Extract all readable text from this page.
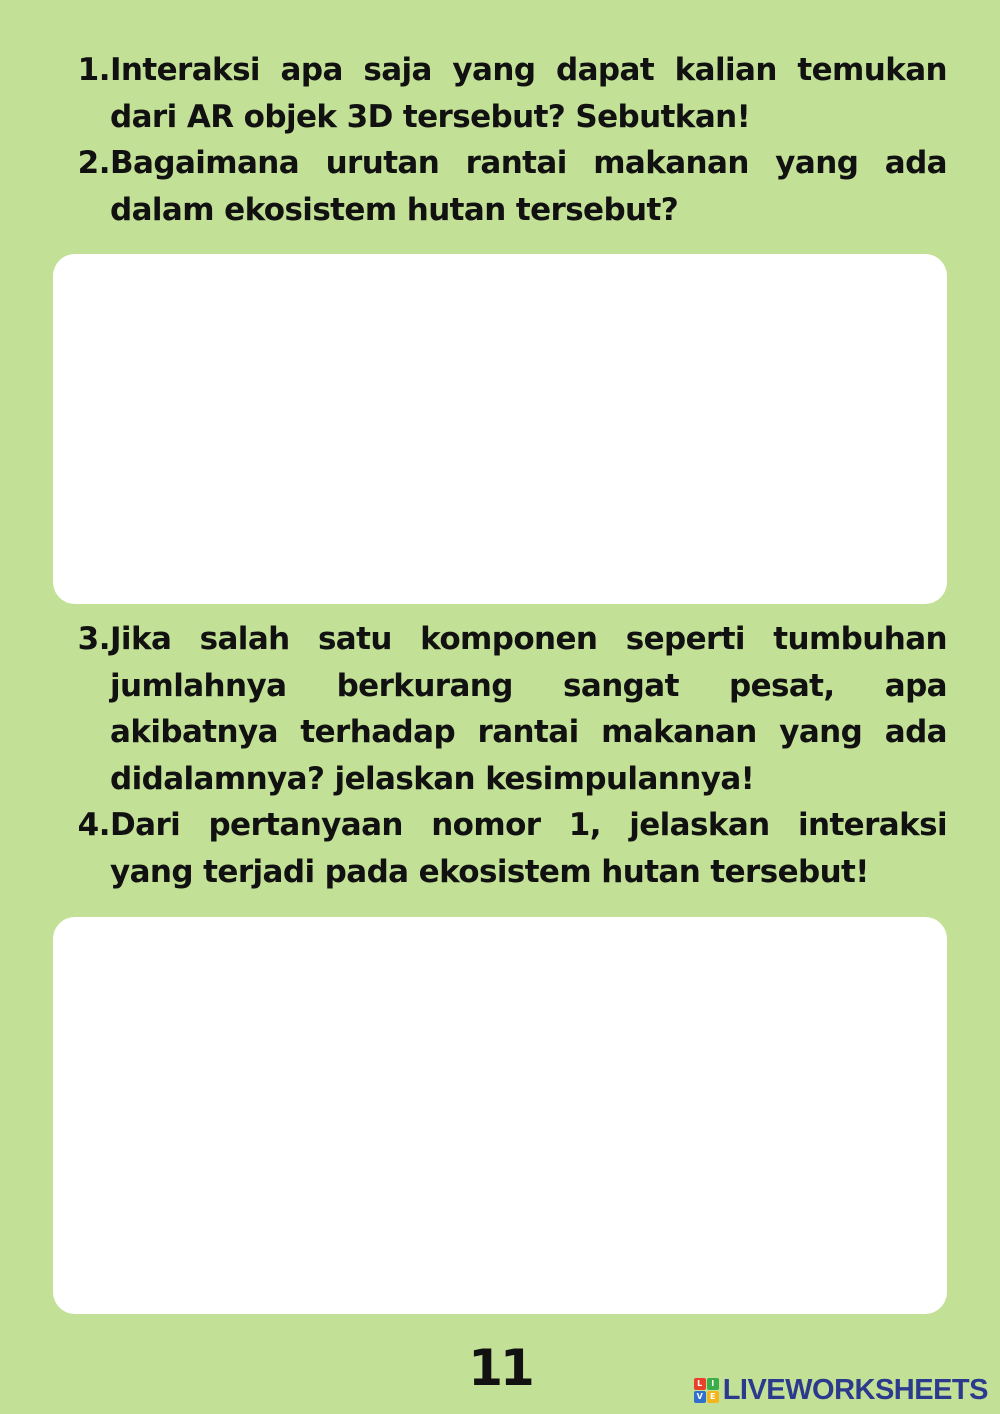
1. Interaksi apa saja yang dapat kalian temukan dari AR objek 3D tersebut? Sebutkan!
2. Bagaimana urutan rantai makanan yang ada dalam ekosistem hutan tersebut?
3. Jika salah satu komponen seperti tumbuhan jumlahnya berkurang sangat pesat, apa akibatnya terhadap rantai makanan yang ada didalamnya? jelaskan kesimpulannya!
4. Dari pertanyaan nomor 1, jelaskan interaksi yang terjadi pada ekosistem hutan tersebut!
11	L	I
V E LIVEWORKSHEETS
